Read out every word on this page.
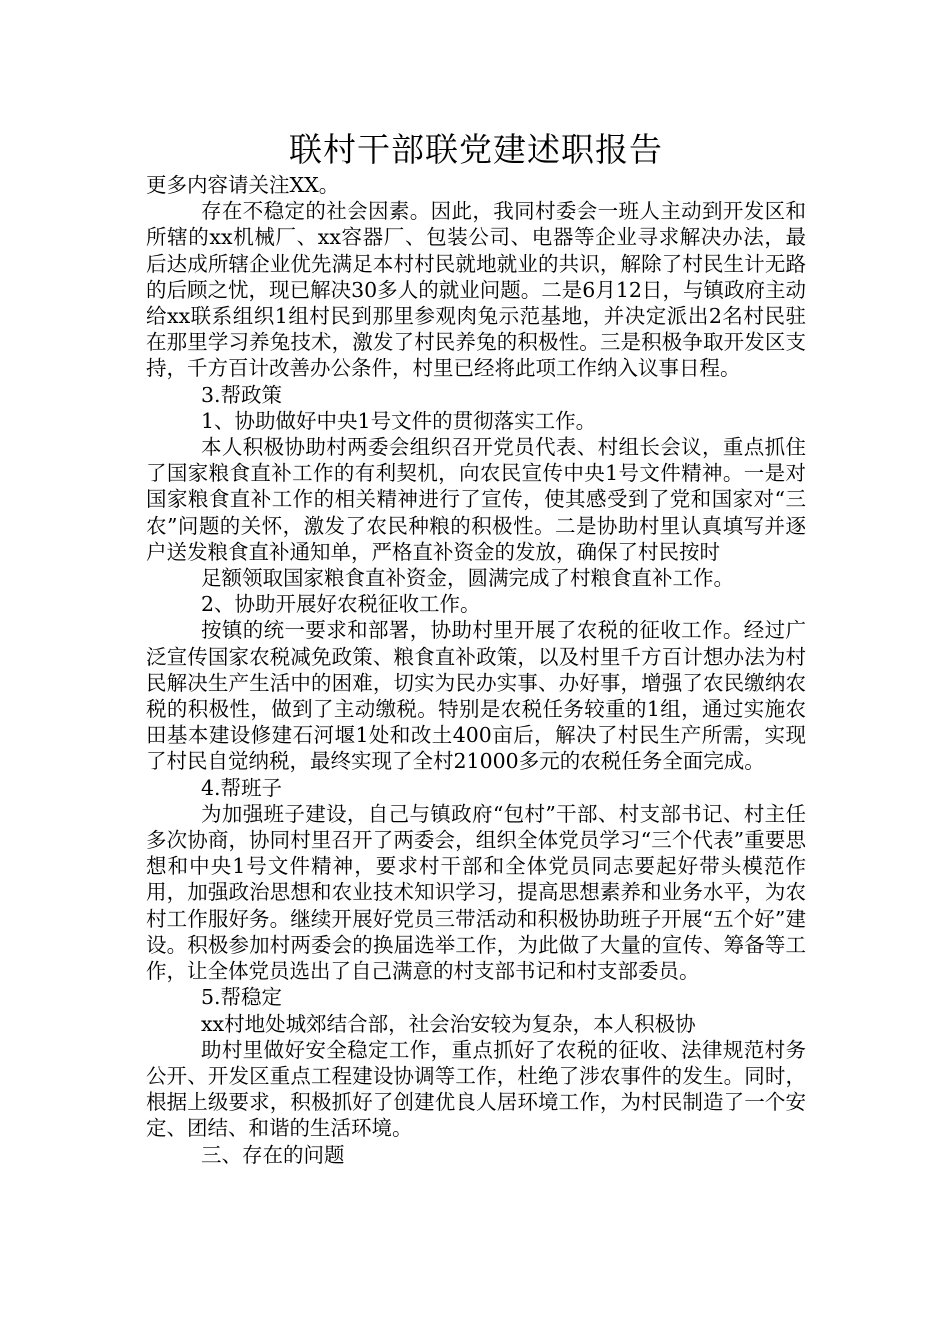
联村干部联党建述职报告

更多内容请关注XX。

存在不稳定的社会因素。因此，我同村委会一班人主动到开发区和所辖的xx机械厂、xx容器厂、包装公司、电器等企业寻求解决办法，最后达成所辖企业优先满足本村村民就地就业的共识，解除了村民生计无路的后顾之忧，现已解决30多人的就业问题。二是6月12日，与镇政府主动给xx联系组织1组村民到那里参观肉兔示范基地，并决定派出2名村民驻在那里学习养兔技术，激发了村民养兔的积极性。三是积极争取开发区支持，千方百计改善办公条件，村里已经将此项工作纳入议事日程。

3.帮政策

1、协助做好中央1号文件的贯彻落实工作。

本人积极协助村两委会组织召开党员代表、村组长会议，重点抓住了国家粮食直补工作的有利契机，向农民宣传中央1号文件精神。一是对国家粮食直补工作的相关精神进行了宣传，使其感受到了党和国家对“三农”问题的关怀，激发了农民种粮的积极性。二是协助村里认真填写并逐户送发粮食直补通知单，严格直补资金的发放，确保了村民按时

足额领取国家粮食直补资金，圆满完成了村粮食直补工作。

2、协助开展好农税征收工作。

按镇的统一要求和部署，协助村里开展了农税的征收工作。经过广泛宣传国家农税减免政策、粮食直补政策，以及村里千方百计想办法为村民解决生产生活中的困难，切实为民办实事、办好事，增强了农民缴纳农税的积极性，做到了主动缴税。特别是农税任务较重的1组，通过实施农田基本建设修建石河堰1处和改土400亩后，解决了村民生产所需，实现了村民自觉纳税，最终实现了全村21000多元的农税任务全面完成。

4.帮班子

为加强班子建设，自己与镇政府“包村”干部、村支部书记、村主任多次协商，协同村里召开了两委会，组织全体党员学习“三个代表”重要思想和中央1号文件精神，要求村干部和全体党员同志要起好带头模范作用，加强政治思想和农业技术知识学习，提高思想素养和业务水平，为农村工作服好务。继续开展好党员三带活动和积极协助班子开展“五个好”建设。积极参加村两委会的换届选举工作，为此做了大量的宣传、筹备等工作，让全体党员选出了自己满意的村支部书记和村支部委员。

5.帮稳定

xx村地处城郊结合部，社会治安较为复杂，本人积极协

助村里做好安全稳定工作，重点抓好了农税的征收、法律规范村务公开、开发区重点工程建设协调等工作，杜绝了涉农事件的发生。同时，根据上级要求，积极抓好了创建优良人居环境工作，为村民制造了一个安定、团结、和谐的生活环境。

三、存在的问题
